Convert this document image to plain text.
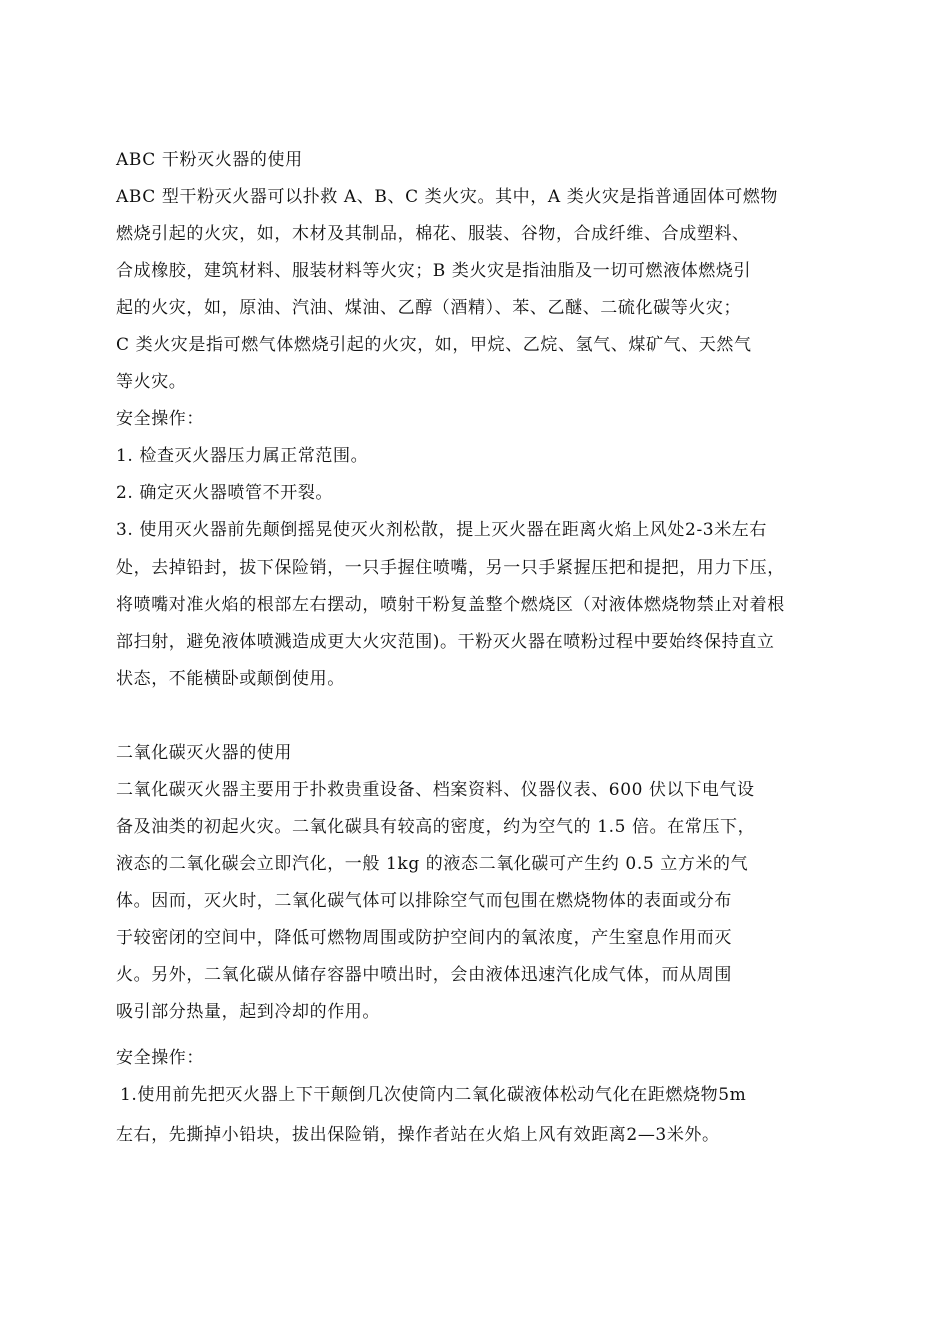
ABC 干粉灭火器的使用
ABC 型干粉灭火器可以扑救 A、B、C 类火灾。其中，A 类火灾是指普通固体可燃物
燃烧引起的火灾，如，木材及其制品，棉花、服装、谷物，合成纤维、合成塑料、
合成橡胶，建筑材料、服装材料等火灾；B 类火灾是指油脂及一切可燃液体燃烧引
起的火灾，如，原油、汽油、煤油、乙醇（酒精）、苯、乙醚、二硫化碳等火灾；
C 类火灾是指可燃气体燃烧引起的火灾，如，甲烷、乙烷、氢气、煤矿气、天然气
等火灾。
安全操作：
1. 检查灭火器压力属正常范围。
2. 确定灭火器喷管不开裂。
3. 使用灭火器前先颠倒摇晃使灭火剂松散，提上灭火器在距离火焰上风处2-3米左右
处，去掉铅封，拔下保险销，一只手握住喷嘴，另一只手紧握压把和提把，用力下压，
将喷嘴对准火焰的根部左右摆动，喷射干粉复盖整个燃烧区（对液体燃烧物禁止对着根
部扫射，避免液体喷溅造成更大火灾范围)。干粉灭火器在喷粉过程中要始终保持直立
状态，不能横卧或颠倒使用。
二氧化碳灭火器的使用
二氧化碳灭火器主要用于扑救贵重设备、档案资料、仪器仪表、600 伏以下电气设
备及油类的初起火灾。二氧化碳具有较高的密度，约为空气的 1.5 倍。在常压下，
液态的二氧化碳会立即汽化，一般 1kg 的液态二氧化碳可产生约 0.5 立方米的气
体。因而，灭火时，二氧化碳气体可以排除空气而包围在燃烧物体的表面或分布
于较密闭的空间中，降低可燃物周围或防护空间内的氧浓度，产生窒息作用而灭
火。另外，二氧化碳从储存容器中喷出时，会由液体迅速汽化成气体，而从周围
吸引部分热量，起到冷却的作用。
安全操作：
1.使用前先把灭火器上下干颠倒几次使筒内二氧化碳液体松动气化在距燃烧物5m
左右，先撕掉小铅块，拔出保险销，操作者站在火焰上风有效距离2—3米外。
